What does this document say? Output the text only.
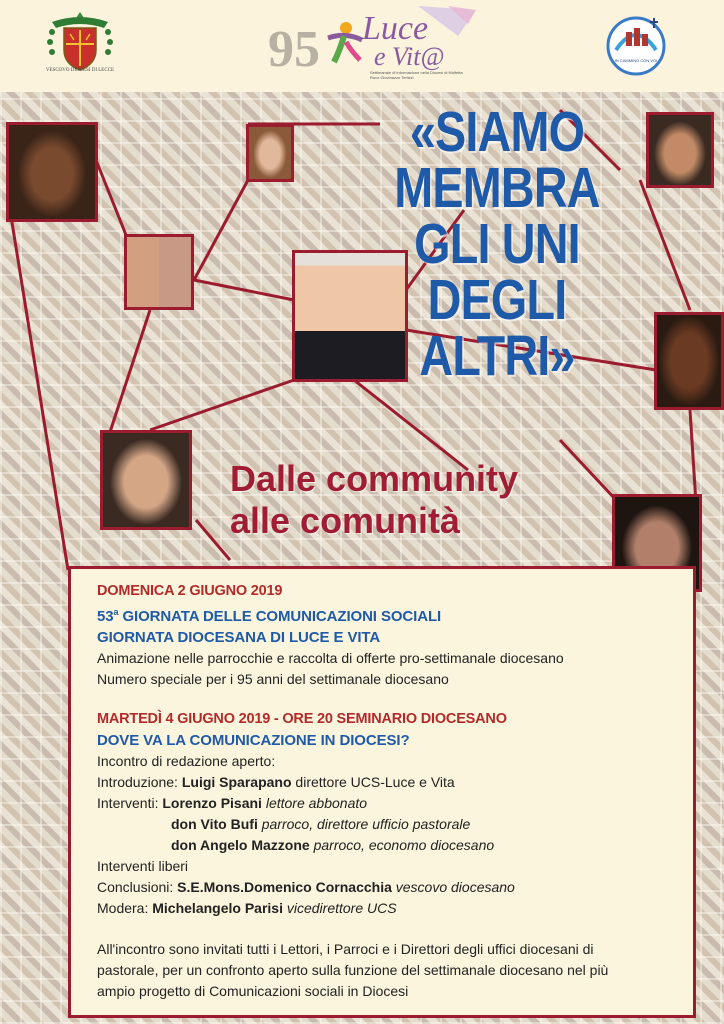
VESCOVO DIOCESI DI LECCE	95 Luce
e Vit@
Settimanale di informazione nella Diocesi di Molfetta Ruvo Giovinazzo Terlizzi
IN CAMMINO CON VOI
«SIAMO
MEMBRA
GLI UNI
DEGLI
ALTRI»
Dalle community
alle comunità
DOMENICA 2 GIUGNO 2019
53$^a$ GIORNATA DELLE COMUNICAZIONI SOCIALI
GIORNATA DIOCESANA DI LUCE E VITA
Animazione nelle parrocchie e raccolta di offerte pro-settimanale diocesano
Numero speciale per i 95 anni del settimanale diocesano
MARTEDÌ 4 GIUGNO 2019 - ORE 20 SEMINARIO DIOCESANO
DOVE VA LA COMUNICAZIONE IN DIOCESI?
Incontro di redazione aperto:
Introduzione: Luigi Sparapano direttore UCS-Luce e Vita
Interventi: Lorenzo Pisani lettore abbonato
don Vito Bufi parroco, direttore ufficio pastorale
don Angelo Mazzone parroco, economo diocesano
Interventi liberi
Conclusioni: S.E.Mons.Domenico Cornacchia vescovo diocesano
Modera: Michelangelo Parisi vicedirettore UCS
All'incontro sono invitati tutti i Lettori, i Parroci e i Direttori degli uffici diocesani di
pastorale, per un confronto aperto sulla funzione del settimanale diocesano nel più
ampio progetto di Comunicazioni sociali in Diocesi
